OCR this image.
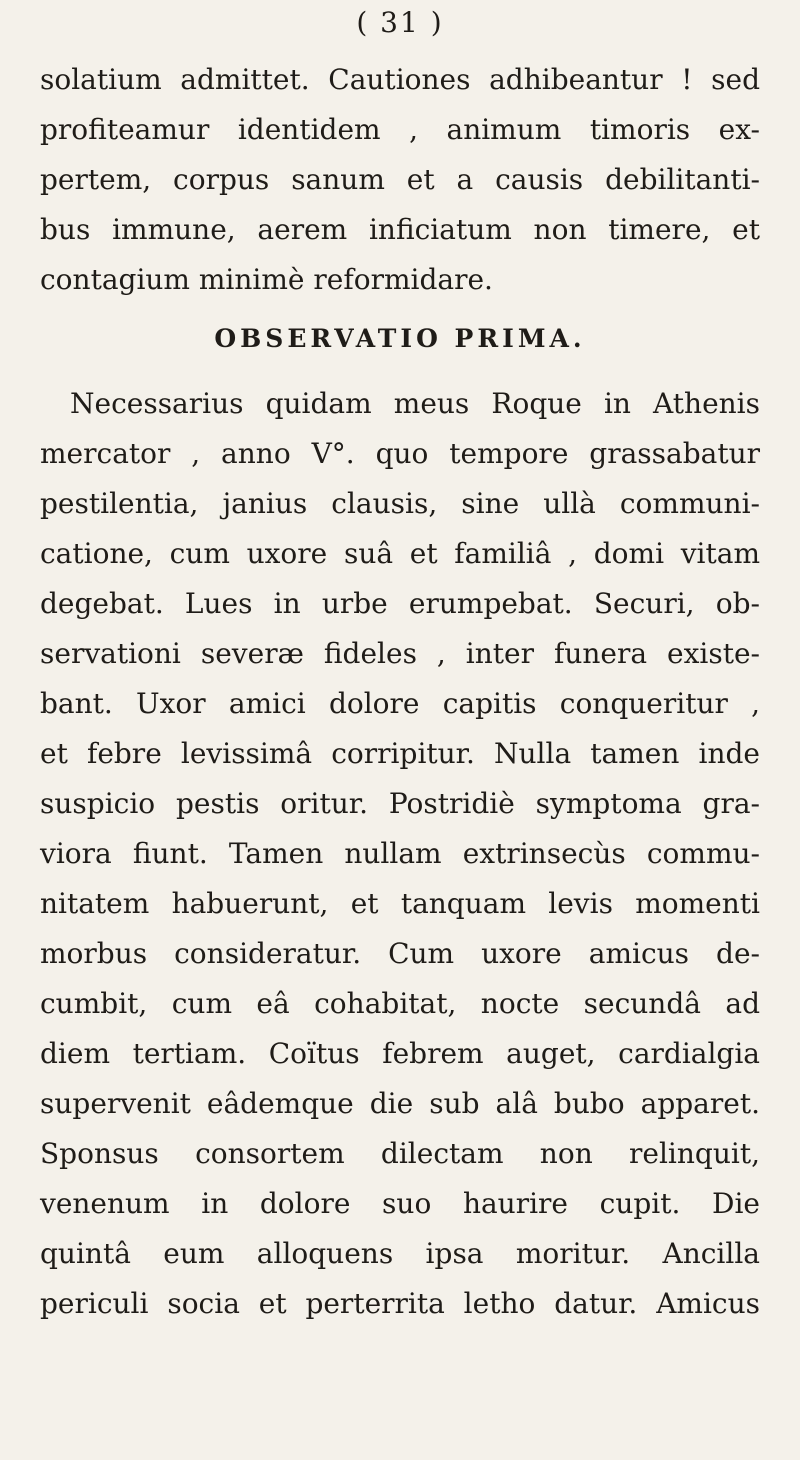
( 31 )
solatium admittet. Cautiones adhibeantur ! sed
profiteamur identidem , animum timoris ex-
pertem, corpus sanum et a causis debilitanti-
bus immune, aerem inficiatum non timere, et
contagium minimè reformidare.
OBSERVATIO PRIMA.
Necessarius quidam meus Roque in Athenis
mercator , anno V°. quo tempore grassabatur
pestilentia, janius clausis, sine ullà communi-
catione, cum uxore suâ et familiâ , domi vitam
degebat. Lues in urbe erumpebat. Securi, ob-
servationi severæ fideles , inter funera existe-
bant. Uxor amici dolore capitis conqueritur ,
et febre levissimâ corripitur. Nulla tamen inde
suspicio pestis oritur. Postridiè symptoma gra-
viora fiunt. Tamen nullam extrinsecùs commu-
nitatem habuerunt, et tanquam levis momenti
morbus consideratur. Cum uxore amicus de-
cumbit, cum eâ cohabitat, nocte secundâ ad
diem tertiam. Coïtus febrem auget, cardialgia
supervenit eâdemque die sub alâ bubo apparet.
Sponsus consortem dilectam non relinquit,
venenum in dolore suo haurire cupit. Die
quintâ eum alloquens ipsa moritur. Ancilla
periculi socia et perterrita letho datur. Amicus
